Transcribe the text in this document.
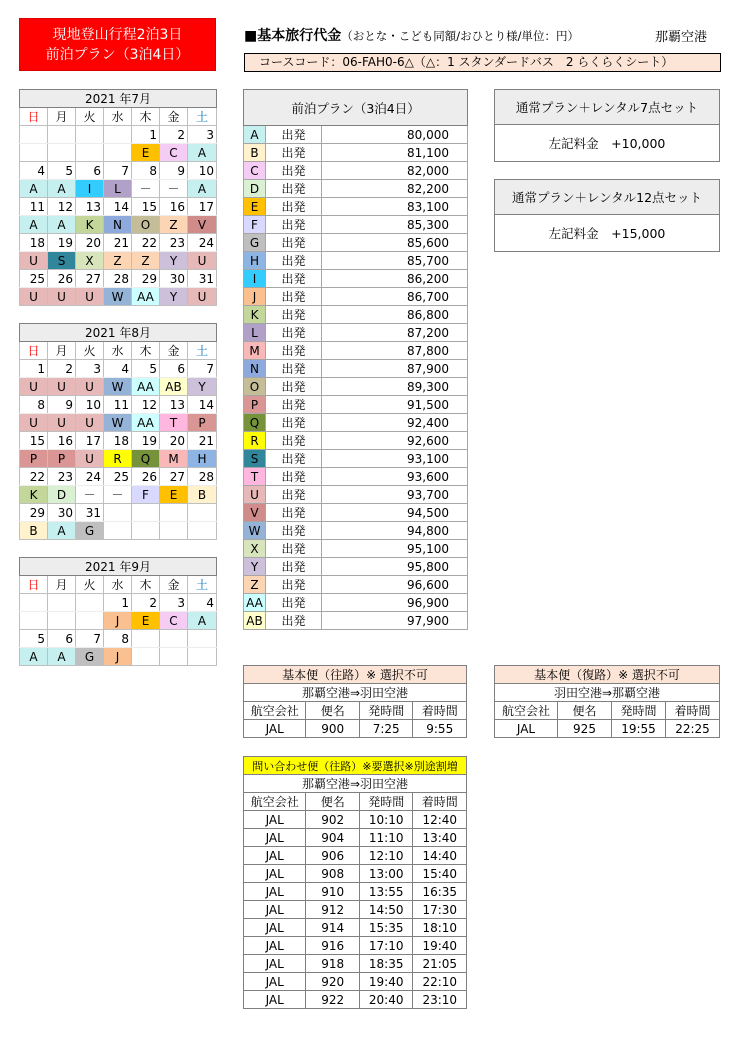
現地登山行程2泊3日
前泊プラン（3泊4日）
■基本旅行代金（おとな・こども同額/おひとり様/単位：円）	那覇空港
コースコード：06-FAH0-6△（△：1 スタンダードバス　2 らくらくシート）
2021 年7月						
日	月	火	水	木	金	土
				1	2	3
				E	C	A
4	5	6	7	8	9	10
A	A	I	L	－	－	A
11	12	13	14	15	16	17
A	A	K	N	O	Z	V
18	19	20	21	22	23	24
U	S	X	Z	Z	Y	U
25	26	27	28	29	30	31
U	U	U	W	AA	Y	U
2021 年8月						
日	月	火	水	木	金	土
1	2	3	4	5	6	7
U	U	U	W	AA	AB	Y
8	9	10	11	12	13	14
U	U	U	W	AA	T	P
15	16	17	18	19	20	21
P	P	U	R	Q	M	H
22	23	24	25	26	27	28
K	D	－	－	F	E	B
29	30	31				
B	A	G				
2021 年9月						
日	月	火	水	木	金	土
			1	2	3	4
			J	E	C	A
5	6	7	8			
A	A	G	J			
前泊プラン（3泊4日）		
A	出発	80,000
B	出発	81,100
C	出発	82,000
D	出発	82,200
E	出発	83,100
F	出発	85,300
G	出発	85,600
H	出発	85,700
I	出発	86,200
J	出発	86,700
K	出発	86,800
L	出発	87,200
M	出発	87,800
N	出発	87,900
O	出発	89,300
P	出発	91,500
Q	出発	92,400
R	出発	92,600
S	出発	93,100
T	出発	93,600
U	出発	93,700
V	出発	94,500
W	出発	94,800
X	出発	95,100
Y	出発	95,800
Z	出発	96,600
AA	出発	96,900
AB	出発	97,900
通常プラン＋レンタル7点セット
左記料金　+10,000
通常プラン＋レンタル12点セット
左記料金　+15,000
基本便（往路）※ 選択不可			
那覇空港⇒羽田空港			
航空会社	便名	発時間	着時間
JAL	900	7:25	9:55
基本便（復路）※ 選択不可			
羽田空港⇒那覇空港			
航空会社	便名	発時間	着時間
JAL	925	19:55	22:25
問い合わせ便（往路）※要選択※別途割増			
那覇空港⇒羽田空港			
航空会社	便名	発時間	着時間
JAL	902	10:10	12:40
JAL	904	11:10	13:40
JAL	906	12:10	14:40
JAL	908	13:00	15:40
JAL	910	13:55	16:35
JAL	912	14:50	17:30
JAL	914	15:35	18:10
JAL	916	17:10	19:40
JAL	918	18:35	21:05
JAL	920	19:40	22:10
JAL	922	20:40	23:10
